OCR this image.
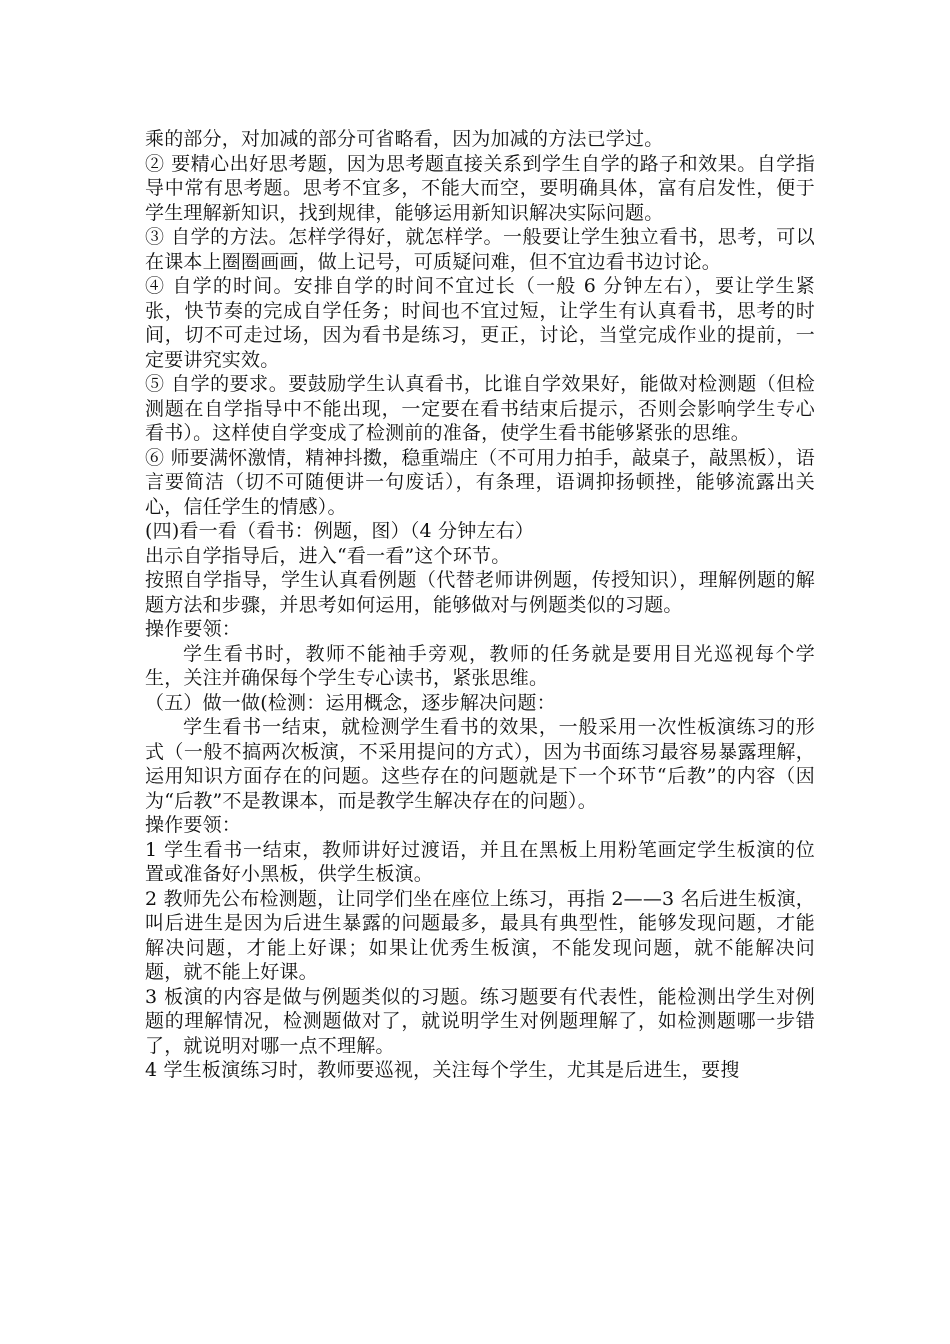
乘的部分，对加减的部分可省略看，因为加减的方法已学过。

② 要精心出好思考题，因为思考题直接关系到学生自学的路子和效果。自学指导中常有思考题。思考不宜多，不能大而空，要明确具体，富有启发性，便于学生理解新知识，找到规律，能够运用新知识解决实际问题。

③ 自学的方法。怎样学得好，就怎样学。一般要让学生独立看书，思考，可以在课本上圈圈画画，做上记号，可质疑问难，但不宜边看书边讨论。

④ 自学的时间。安排自学的时间不宜过长（一般 6 分钟左右），要让学生紧张，快节奏的完成自学任务；时间也不宜过短，让学生有认真看书，思考的时间，切不可走过场，因为看书是练习，更正，讨论，当堂完成作业的提前，一定要讲究实效。

⑤ 自学的要求。要鼓励学生认真看书，比谁自学效果好，能做对检测题（但检测题在自学指导中不能出现，一定要在看书结束后提示，否则会影响学生专心看书）。这样使自学变成了检测前的准备，使学生看书能够紧张的思维。

⑥ 师要满怀激情，精神抖擞，稳重端庄（不可用力拍手，敲桌子，敲黑板），语言要简洁（切不可随便讲一句废话），有条理，语调抑扬顿挫，能够流露出关心，信任学生的情感）。

(四)看一看（看书：例题，图）（4 分钟左右）

出示自学指导后，进入“看一看”这个环节。

按照自学指导，学生认真看例题（代替老师讲例题，传授知识），理解例题的解题方法和步骤，并思考如何运用，能够做对与例题类似的习题。

操作要领：

学生看书时，教师不能袖手旁观，教师的任务就是要用目光巡视每个学生，关注并确保每个学生专心读书，紧张思维。

（五）做一做(检测：运用概念，逐步解决问题：

学生看书一结束，就检测学生看书的效果，一般采用一次性板演练习的形式（一般不搞两次板演，不采用提问的方式），因为书面练习最容易暴露理解，运用知识方面存在的问题。这些存在的问题就是下一个环节“后教”的内容（因为“后教”不是教课本，而是教学生解决存在的问题）。

操作要领：

1 学生看书一结束，教师讲好过渡语，并且在黑板上用粉笔画定学生板演的位置或准备好小黑板，供学生板演。

2 教师先公布检测题，让同学们坐在座位上练习，再指 2——3 名后进生板演，叫后进生是因为后进生暴露的问题最多，最具有典型性，能够发现问题，才能解决问题，才能上好课；如果让优秀生板演，不能发现问题，就不能解决问题，就不能上好课。

3 板演的内容是做与例题类似的习题。练习题要有代表性，能检测出学生对例题的理解情况，检测题做对了，就说明学生对例题理解了，如检测题哪一步错了，就说明对哪一点不理解。

4 学生板演练习时，教师要巡视，关注每个学生，尤其是后进生，要搜
